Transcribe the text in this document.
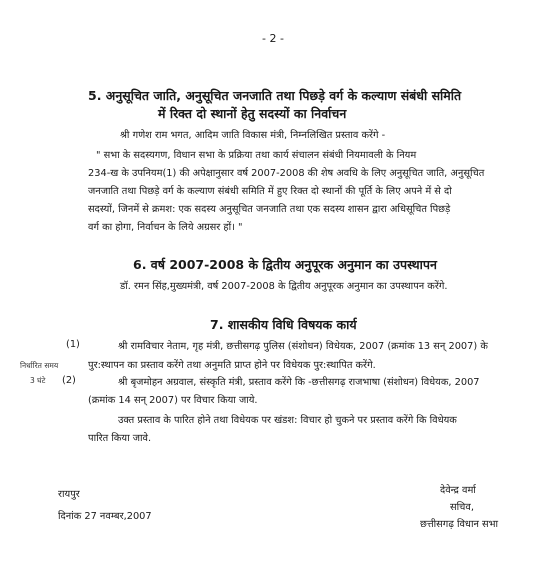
- 2 -
5. अनुसूचित जाति, अनुसूचित जनजाति तथा पिछड़े वर्ग के कल्याण संबंधी समिति
में रिक्त दो स्थानों हेतु सदस्यों का निर्वाचन
श्री गणेश राम भगत, आदिम जाति विकास मंत्री, निम्नलिखित प्रस्ताव करेंगे -
" सभा के सदस्यगण, विधान सभा के प्रक्रिया तथा कार्य संचालन संबंधी नियमावली के नियम
234-ख के उपनियम(1) की अपेक्षानुसार वर्ष 2007-2008 की शेष अवधि के लिए अनुसूचित जाति, अनुसूचित
जनजाति तथा पिछड़े वर्ग के कल्याण संबंधी समिति में हुए रिक्त दो स्थानों की पूर्ति के लिए अपने में से दो
सदस्यों, जिनमें से क्रमश: एक सदस्य अनुसूचित जनजाति तथा एक सदस्य शासन द्वारा अधिसूचित पिछड़े
वर्ग का होगा, निर्वाचन के लिये अग्रसर हों। "
6. वर्ष 2007-2008 के द्वितीय अनुपूरक अनुमान का उपस्थापन
डॉ. रमन सिंह,मुख्यमंत्री, वर्ष 2007-2008 के द्वितीय अनुपूरक अनुमान का उपस्थापन करेंगे.
7. शासकीय विधि विषयक कार्य
(1)	श्री रामविचार नेताम, गृह मंत्री, छत्तीसगढ़ पुलिस (संशोधन) विधेयक, 2007 (क्रमांक 13 सन् 2007) के
पुर:स्थापन का प्रस्ताव करेंगे तथा अनुमति प्राप्त होने पर विधेयक पुर:स्थापित करेंगे.
निर्धारित समय
3 घंटे (2)	श्री बृजमोहन अग्रवाल, संस्कृति मंत्री, प्रस्ताव करेंगे कि -छत्तीसगढ़ राजभाषा (संशोधन) विधेयक, 2007
(क्रमांक 14 सन् 2007) पर विचार किया जाये.
उक्त प्रस्ताव के पारित होने तथा विधेयक पर खंडश: विचार हो चुकने पर प्रस्ताव करेंगे कि विधेयक
पारित किया जावे.
रायपुर
दिनांक 27 नवम्बर,2007
देवेन्द्र वर्मा
सचिव,
छत्तीसगढ़ विधान सभा
